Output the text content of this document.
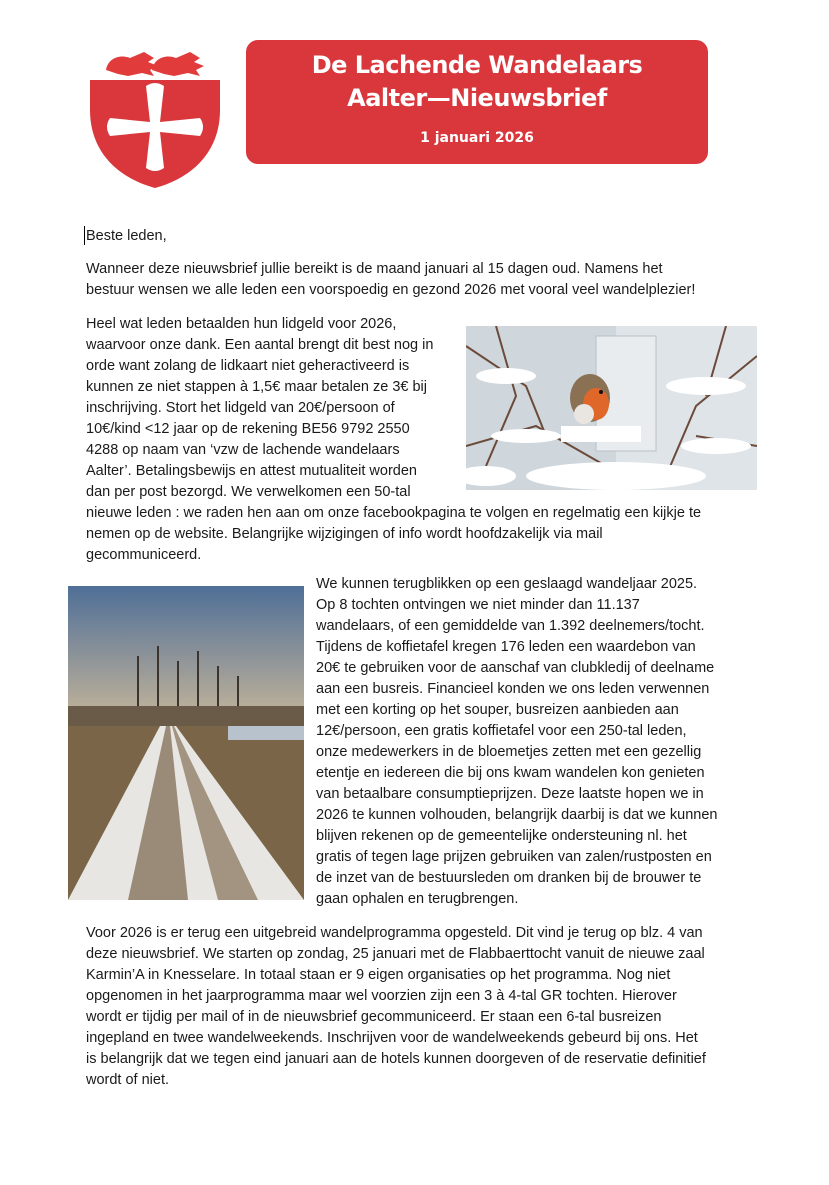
De Lachende Wandelaars
Aalter—Nieuwsbrief
1 januari 2026
Beste leden,
Wanneer deze nieuwsbrief jullie bereikt is de maand januari al 15 dagen oud. Namens het
bestuur wensen we alle leden een voorspoedig en gezond 2026 met vooral veel wandelplezier!
Heel wat leden betaalden hun lidgeld voor 2026,
waarvoor onze dank. Een aantal brengt dit best nog in
orde want zolang de lidkaart niet geheractiveerd is
kunnen ze niet stappen à 1,5€ maar betalen ze 3€ bij
inschrijving. Stort het lidgeld van 20€/persoon of
10€/kind <12 jaar op de rekening BE56 9792 2550
4288 op naam van ‘vzw de lachende wandelaars
Aalter’. Betalingsbewijs en attest mutualiteit worden
dan per post bezorgd. We verwelkomen een 50-tal
nieuwe leden : we raden hen aan om onze facebookpagina te volgen en regelmatig een kijkje te
nemen op de website. Belangrijke wijzigingen of info wordt hoofdzakelijk via mail
gecommuniceerd.
We kunnen terugblikken op een geslaagd wandeljaar 2025.
Op 8 tochten ontvingen we niet minder dan 11.137
wandelaars, of een gemiddelde van 1.392 deelnemers/tocht.
Tijdens de koffietafel kregen 176 leden een waardebon van
20€ te gebruiken voor de aanschaf van clubkledij of deelname
aan een busreis. Financieel konden we ons leden verwennen
met een korting op het souper, busreizen aanbieden aan
12€/persoon, een gratis koffietafel voor een 250-tal leden,
onze medewerkers in de bloemetjes zetten met een gezellig
etentje en iedereen die bij ons kwam wandelen kon genieten
van betaalbare consumptieprijzen. Deze laatste hopen we in
2026 te kunnen volhouden, belangrijk daarbij is dat we kunnen
blijven rekenen op de gemeentelijke ondersteuning nl. het
gratis of tegen lage prijzen gebruiken van zalen/rustposten en
de inzet van de bestuursleden om dranken bij de brouwer te
gaan ophalen en terugbrengen.
Voor 2026 is er terug een uitgebreid wandelprogramma opgesteld. Dit vind je terug op blz. 4 van
deze nieuwsbrief. We starten op zondag, 25 januari met de Flabbaerttocht vanuit de nieuwe zaal
Karmin’A in Knesselare. In totaal staan er 9 eigen organisaties op het programma. Nog niet
opgenomen in het jaarprogramma maar wel voorzien zijn een 3 à 4-tal GR tochten. Hierover
wordt er tijdig per mail of in de nieuwsbrief gecommuniceerd. Er staan een 6-tal busreizen
ingepland en twee wandelweekends. Inschrijven voor de wandelweekends gebeurd bij ons. Het
is belangrijk dat we tegen eind januari aan de hotels kunnen doorgeven of de reservatie definitief
wordt of niet.
